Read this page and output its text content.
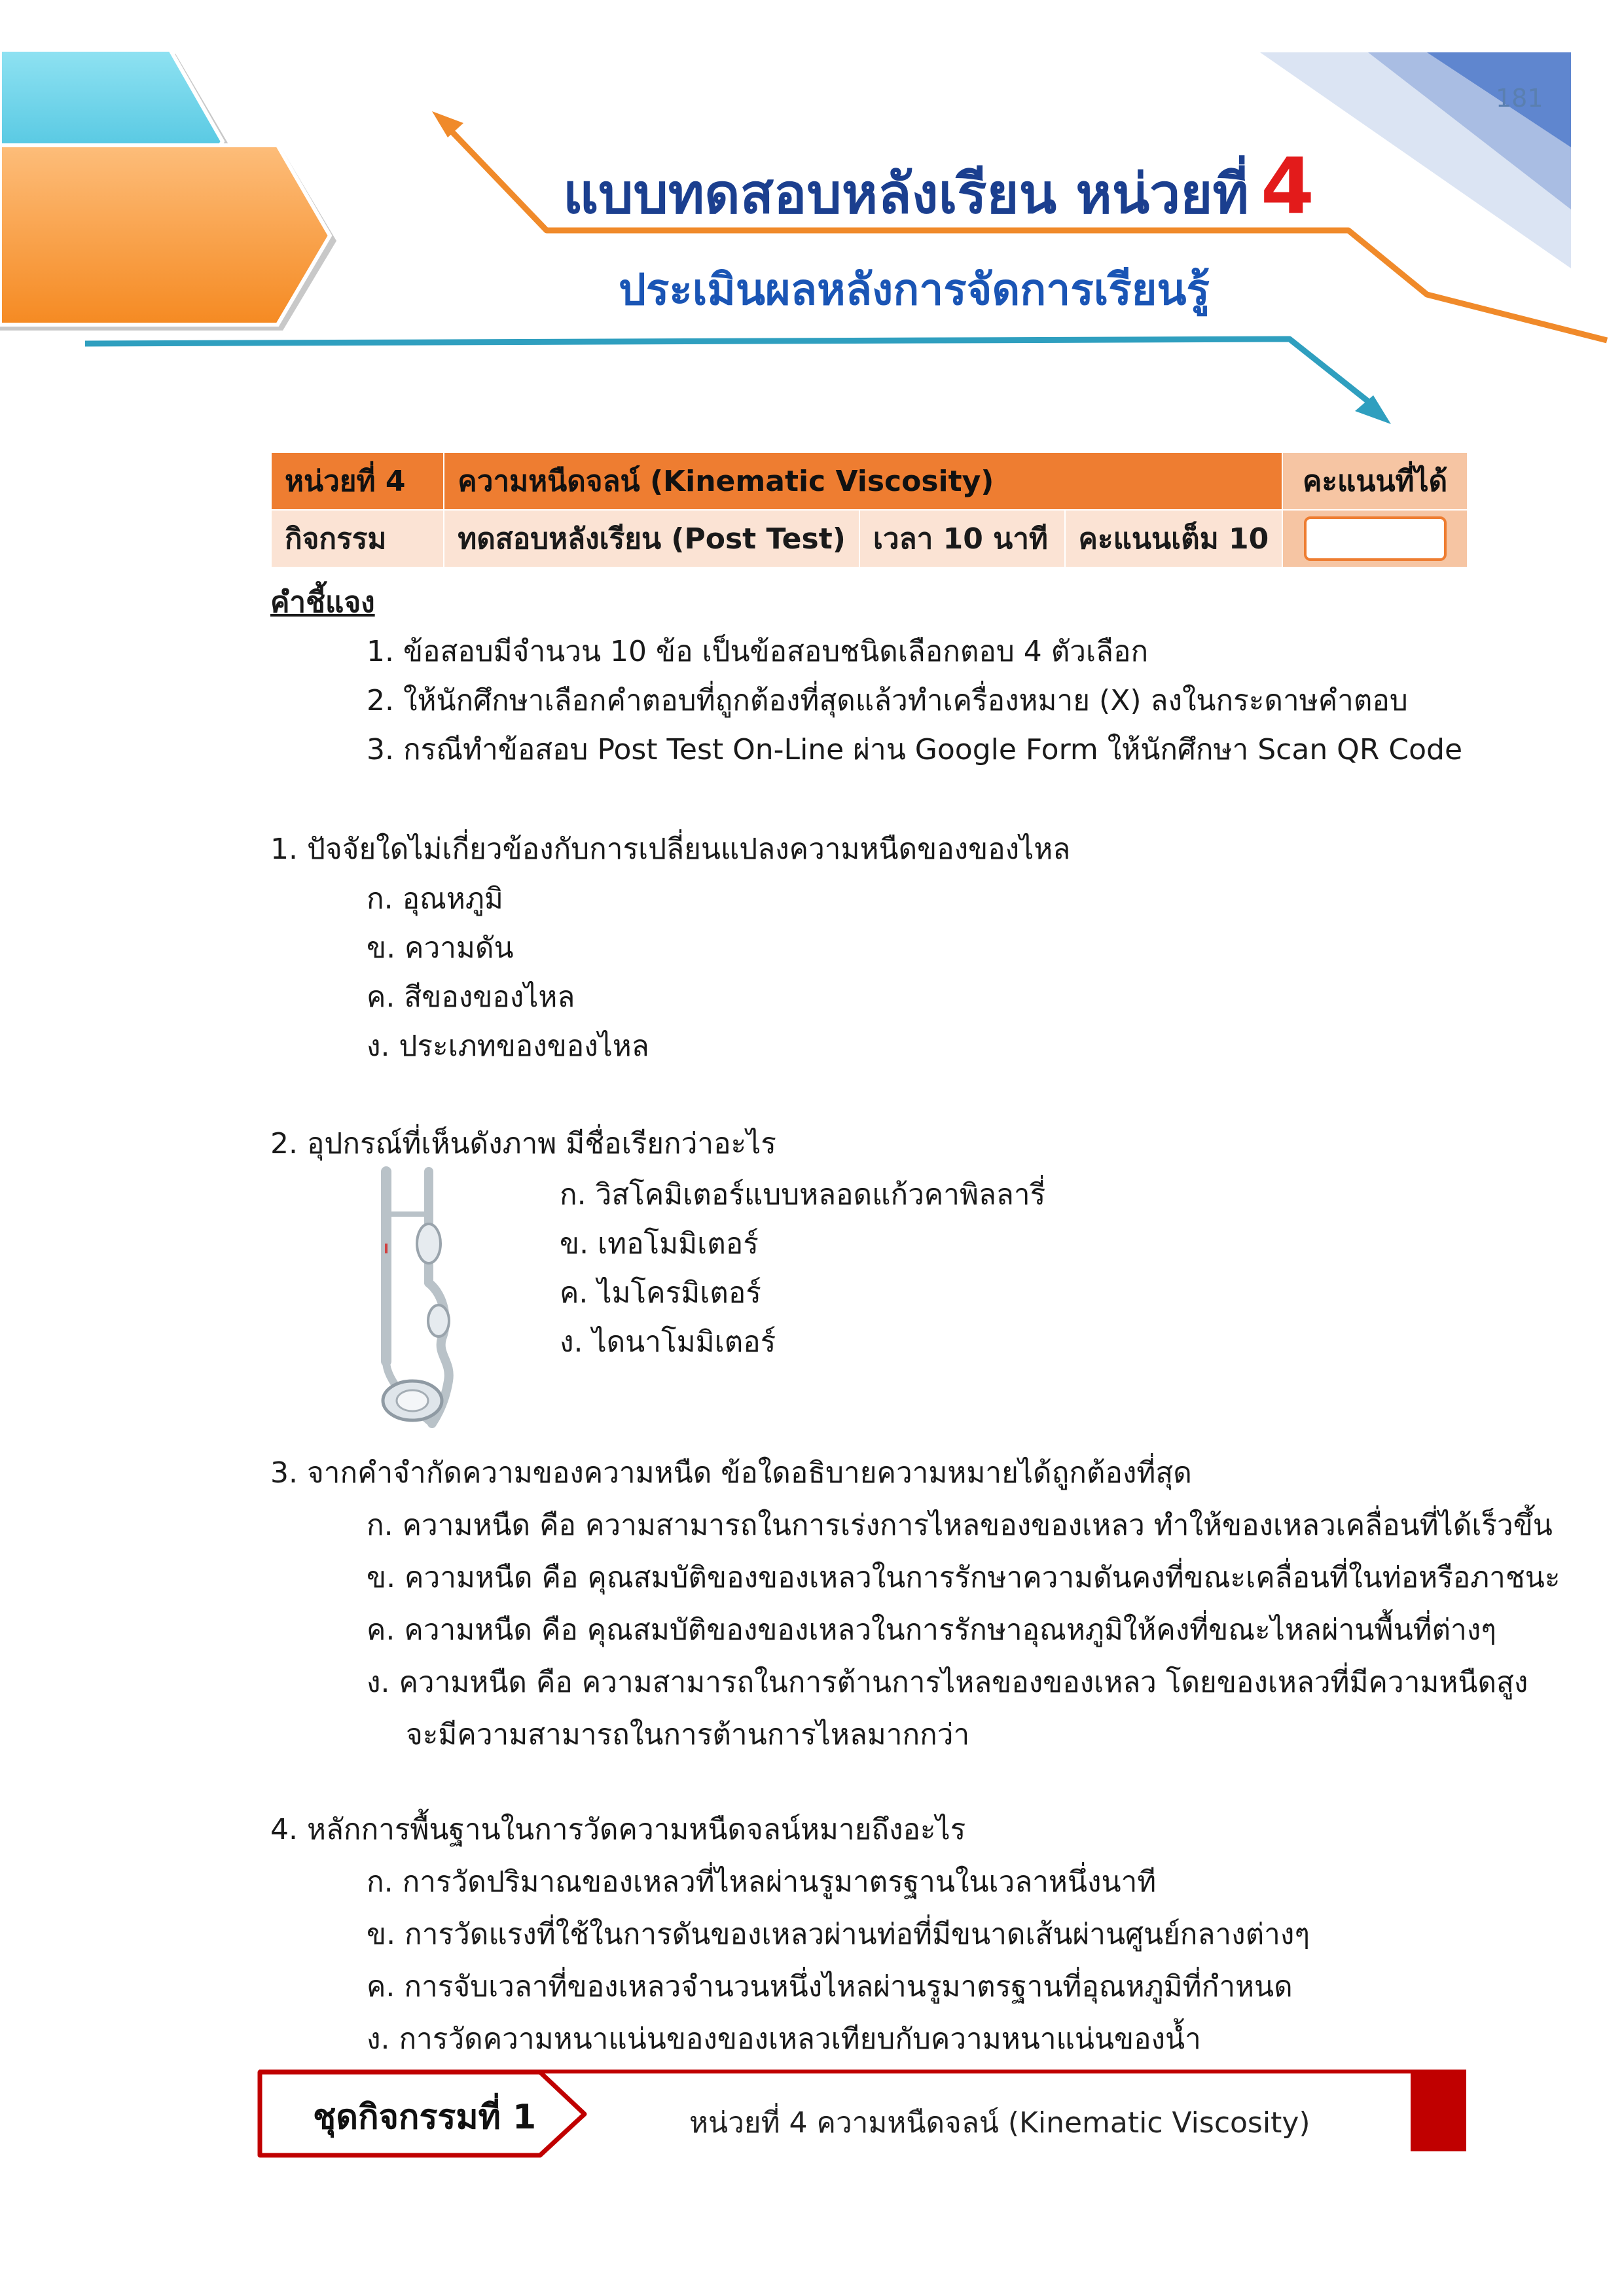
181
แบบทดสอบหลังเรียน หน่วยที่ 4
ประเมินผลหลังการจัดการเรียนรู้
หน่วยที่ 4	ความหนืดจลน์ (Kinematic Viscosity)			คะแนนที่ได้
กิจกรรม	ทดสอบหลังเรียน (Post Test)	เวลา 10 นาที	คะแนนเต็ม 10	
คำชี้แจง
1. ข้อสอบมีจำนวน 10 ข้อ เป็นข้อสอบชนิดเลือกตอบ 4 ตัวเลือก
2. ให้นักศึกษาเลือกคำตอบที่ถูกต้องที่สุดแล้วทำเครื่องหมาย (X) ลงในกระดาษคำตอบ
3. กรณีทำข้อสอบ Post Test On-Line ผ่าน Google Form ให้นักศึกษา Scan QR Code
1. ปัจจัยใดไม่เกี่ยวข้องกับการเปลี่ยนแปลงความหนืดของของไหล
ก. อุณหภูมิ
ข. ความดัน
ค. สีของของไหล
ง. ประเภทของของไหล
2. อุปกรณ์ที่เห็นดังภาพ มีชื่อเรียกว่าอะไร
ก. วิสโคมิเตอร์แบบหลอดแก้วคาพิลลารี่
ข. เทอโมมิเตอร์
ค. ไมโครมิเตอร์
ง. ไดนาโมมิเตอร์
3. จากคำจำกัดความของความหนืด ข้อใดอธิบายความหมายได้ถูกต้องที่สุด
ก. ความหนืด คือ ความสามารถในการเร่งการไหลของของเหลว ทำให้ของเหลวเคลื่อนที่ได้เร็วขึ้น
ข. ความหนืด คือ คุณสมบัติของของเหลวในการรักษาความดันคงที่ขณะเคลื่อนที่ในท่อหรือภาชนะ
ค. ความหนืด คือ คุณสมบัติของของเหลวในการรักษาอุณหภูมิให้คงที่ขณะไหลผ่านพื้นที่ต่างๆ
ง. ความหนืด คือ ความสามารถในการต้านการไหลของของเหลว โดยของเหลวที่มีความหนืดสูง
จะมีความสามารถในการต้านการไหลมากกว่า
4. หลักการพื้นฐานในการวัดความหนืดจลน์หมายถึงอะไร
ก. การวัดปริมาณของเหลวที่ไหลผ่านรูมาตรฐานในเวลาหนึ่งนาที
ข. การวัดแรงที่ใช้ในการดันของเหลวผ่านท่อที่มีขนาดเส้นผ่านศูนย์กลางต่างๆ
ค. การจับเวลาที่ของเหลวจำนวนหนึ่งไหลผ่านรูมาตรฐานที่อุณหภูมิที่กำหนด
ง. การวัดความหนาแน่นของของเหลวเทียบกับความหนาแน่นของน้ำ
ชุดกิจกรรมที่ 1	หน่วยที่ 4 ความหนืดจลน์ (Kinematic Viscosity)
